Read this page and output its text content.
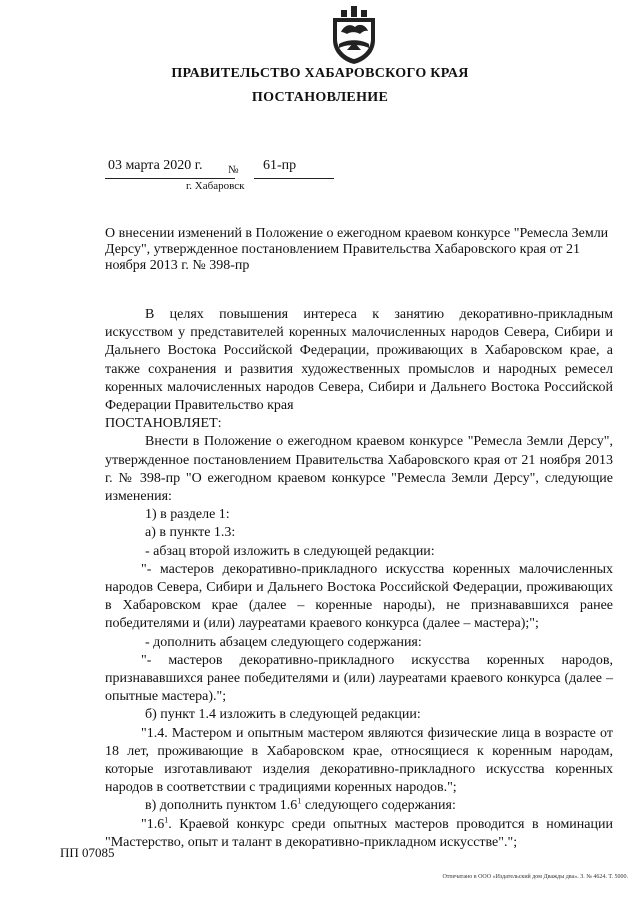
ПРАВИТЕЛЬСТВО ХАБАРОВСКОГО КРАЯ
ПОСТАНОВЛЕНИЕ
03 марта 2020 г. № 61-пр
г. Хабаровск
О внесении изменений в Положение о ежегодном краевом конкурсе "Ремесла Земли Дерсу", утвержденное постановлением Правительства Хабаровского края от 21 ноября 2013 г. № 398-пр

В целях повышения интереса к занятию декоративно-прикладным искусством у представителей коренных малочисленных народов Севера, Сибири и Дальнего Востока Российской Федерации, проживающих в Хабаровском крае, а также сохранения и развития художественных промыслов и народных ремесел коренных малочисленных народов Севера, Сибири и Дальнего Востока Российской Федерации Правительство края

ПОСТАНОВЛЯЕТ:

Внести в Положение о ежегодном краевом конкурсе "Ремесла Земли Дерсу", утвержденное постановлением Правительства Хабаровского края от 21 ноября 2013 г. № 398-пр "О ежегодном краевом конкурсе "Ремесла Земли Дерсу", следующие изменения:

1) в разделе 1:

а) в пункте 1.3:

- абзац второй изложить в следующей редакции:

"- мастеров декоративно-прикладного искусства коренных малочисленных народов Севера, Сибири и Дальнего Востока Российской Федерации, проживающих в Хабаровском крае (далее – коренные народы), не признававшихся ранее победителями и (или) лауреатами краевого конкурса (далее – мастера);";

- дополнить абзацем следующего содержания:

"- мастеров декоративно-прикладного искусства коренных народов, признававшихся ранее победителями и (или) лауреатами краевого конкурса (далее – опытные мастера).";

б) пункт 1.4 изложить в следующей редакции:

"1.4. Мастером и опытным мастером являются физические лица в возрасте от 18 лет, проживающие в Хабаровском крае, относящиеся к коренным народам, которые изготавливают изделия декоративно-прикладного искусства коренных народов в соответствии с традициями коренных народов.";

в) дополнить пунктом $1.6^1$ следующего содержания:

"$1.6^1$. Краевой конкурс среди опытных мастеров проводится в номинации "Мастерство, опыт и талант в декоративно-прикладном искусстве".";

ПП 07085
Отпечатано в ООО «Издательский дом Дважды два». З. № 4624. Т. 5000.
